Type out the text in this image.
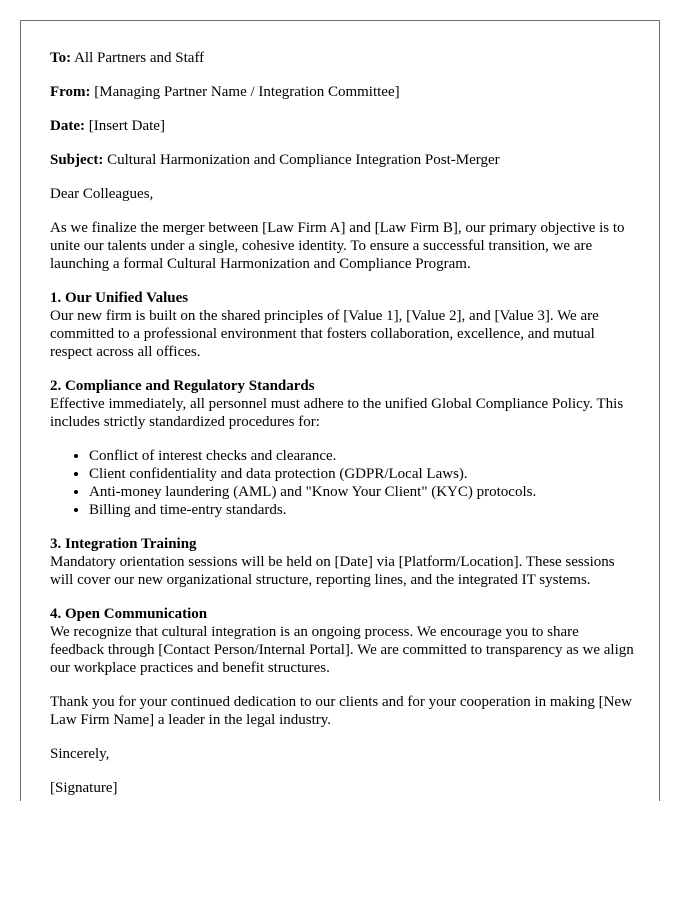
To: All Partners and Staff

From: [Managing Partner Name / Integration Committee]

Date: [Insert Date]

Subject: Cultural Harmonization and Compliance Integration Post-Merger

Dear Colleagues,

As we finalize the merger between [Law Firm A] and [Law Firm B], our primary objective is to unite our talents under a single, cohesive identity. To ensure a successful transition, we are launching a formal Cultural Harmonization and Compliance Program.

1. Our Unified Values
Our new firm is built on the shared principles of [Value 1], [Value 2], and [Value 3]. We are committed to a professional environment that fosters collaboration, excellence, and mutual respect across all offices.

2. Compliance and Regulatory Standards
Effective immediately, all personnel must adhere to the unified Global Compliance Policy. This includes strictly standardized procedures for:

• Conflict of interest checks and clearance.
• Client confidentiality and data protection (GDPR/Local Laws).
• Anti-money laundering (AML) and "Know Your Client" (KYC) protocols.
• Billing and time-entry standards.

3. Integration Training
Mandatory orientation sessions will be held on [Date] via [Platform/Location]. These sessions will cover our new organizational structure, reporting lines, and the integrated IT systems.

4. Open Communication
We recognize that cultural integration is an ongoing process. We encourage you to share feedback through [Contact Person/Internal Portal]. We are committed to transparency as we align our workplace practices and benefit structures.

Thank you for your continued dedication to our clients and for your cooperation in making [New Law Firm Name] a leader in the legal industry.

Sincerely,

[Signature]
